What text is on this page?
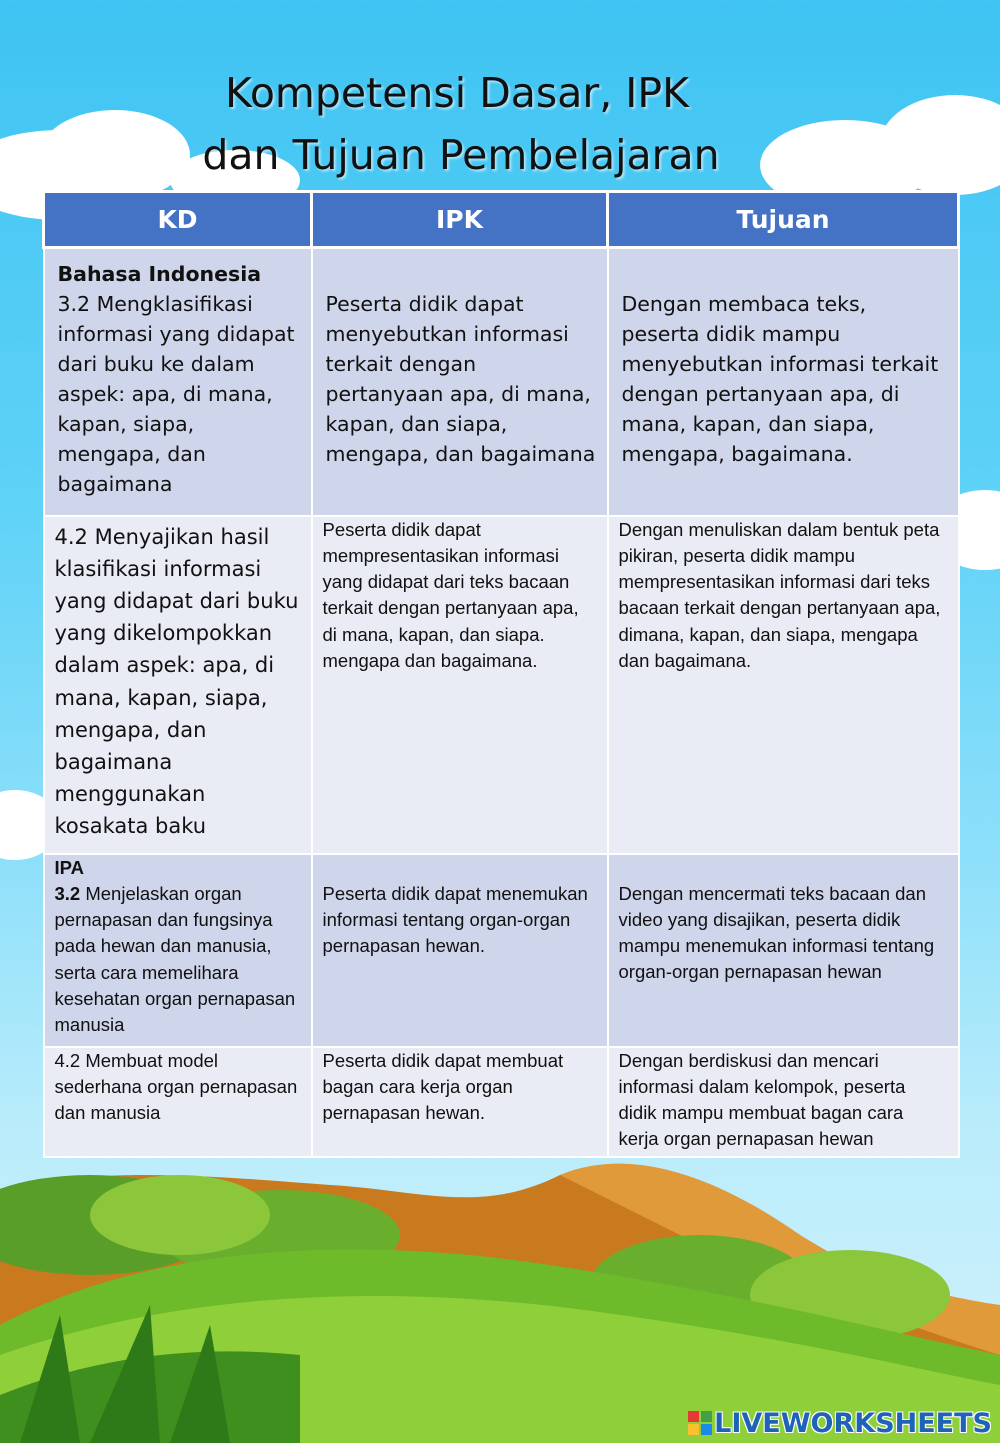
Kompetensi Dasar, IPK
dan Tujuan Pembelajaran
KD	IPK	Tujuan

Bahasa Indonesia
3.2 Mengklasifikasi informasi yang didapat dari buku ke dalam aspek: apa, di mana, kapan, siapa, mengapa, dan bagaimana	Peserta didik dapat menyebutkan informasi terkait dengan pertanyaan apa, di mana, kapan, dan siapa, mengapa, dan bagaimana	Dengan membaca teks, peserta didik mampu menyebutkan informasi terkait dengan pertanyaan apa, di mana, kapan, dan siapa, mengapa, bagaimana.
4.2 Menyajikan hasil klasifikasi informasi yang didapat dari buku yang dikelompokkan dalam aspek: apa, di mana, kapan, siapa, mengapa, dan bagaimana menggunakan kosakata baku	Peserta didik dapat mempresentasikan informasi yang didapat dari teks bacaan terkait dengan pertanyaan apa, di mana, kapan, dan siapa. mengapa dan bagaimana.	Dengan menuliskan dalam bentuk peta pikiran, peserta didik mampu mempresentasikan informasi dari teks bacaan terkait dengan pertanyaan apa, dimana, kapan, dan siapa, mengapa dan bagaimana.

IPA
3.2 Menjelaskan organ pernapasan dan fungsinya pada hewan dan manusia, serta cara memelihara kesehatan organ pernapasan manusia	Peserta didik dapat menemukan informasi tentang organ-organ pernapasan hewan.	Dengan mencermati teks bacaan dan video yang disajikan, peserta didik mampu menemukan informasi tentang organ-organ pernapasan hewan
4.2 Membuat model sederhana organ pernapasan dan manusia	Peserta didik dapat membuat bagan cara kerja organ pernapasan hewan.	Dengan berdiskusi dan mencari informasi dalam kelompok, peserta didik mampu membuat bagan cara kerja organ pernapasan hewan
LIVEWORKSHEETS
